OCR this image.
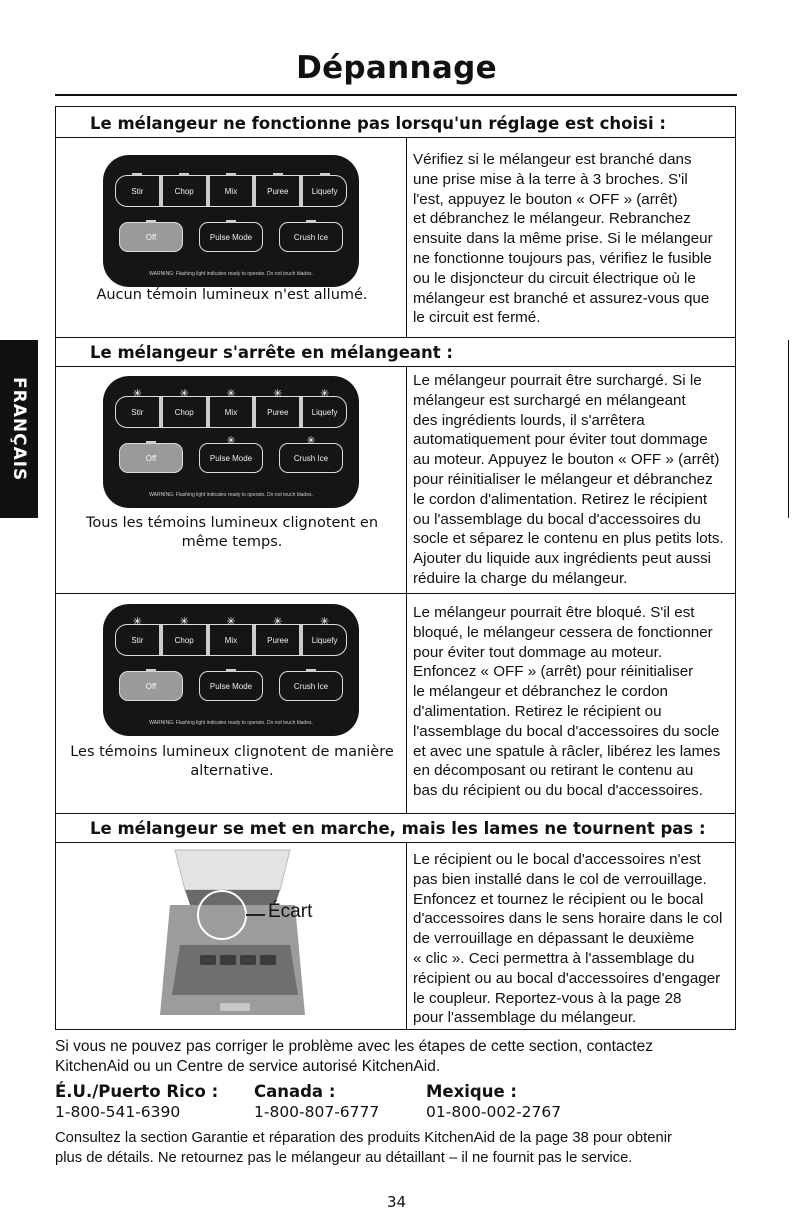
Dépannage
FRANÇAIS
Le mélangeur ne fonctionne pas lorsqu'un réglage est choisi :
Le mélangeur s'arrête en mélangeant :
Le mélangeur se met en marche, mais les lames ne tournent pas :
Stir	Chop	Mix	Puree	Liquefy
Off	Pulse Mode	Crush Ice
WARNING: Flashing light indicates ready to operate. Do not touch blades.
Aucun témoin lumineux n'est allumé.
Vérifiez si le mélangeur est branché dans
une prise mise à la terre à 3 broches. S'il
l'est, appuyez le bouton « OFF » (arrêt)
et débranchez le mélangeur. Rebranchez
ensuite dans la même prise. Si le mélangeur
ne fonctionne toujours pas, vérifiez le fusible
ou le disjoncteur du circuit électrique où le
mélangeur est branché et assurez-vous que
le circuit est fermé.
✳
Stir
✳
Chop
✳
Mix
✳
Puree
✳
Liquefy
Off
✳
Pulse Mode
✳
Crush Ice
WARNING: Flashing light indicates ready to operate. Do not touch blades.
Tous les témoins lumineux clignotent en même temps.
Le mélangeur pourrait être surchargé. Si le
mélangeur est surchargé en mélangeant
des ingrédients lourds, il s'arrêtera
automatiquement pour éviter tout dommage
au moteur. Appuyez le bouton « OFF » (arrêt)
pour réinitialiser le mélangeur et débranchez
le cordon d'alimentation. Retirez le récipient
ou l'assemblage du bocal d'accessoires du
socle et séparez le contenu en plus petits lots.
Ajouter du liquide aux ingrédients peut aussi
réduire la charge du mélangeur.
✳
Stir
✳
Chop
✳
Mix
✳
Puree
✳
Liquefy
Off	Pulse Mode	Crush Ice
WARNING: Flashing light indicates ready to operate. Do not touch blades.
Les témoins lumineux clignotent de manière alternative.
Le mélangeur pourrait être bloqué. S'il est
bloqué, le mélangeur cessera de fonctionner
pour éviter tout dommage au moteur.
Enfoncez « OFF » (arrêt) pour réinitialiser
le mélangeur et débranchez le cordon
d'alimentation. Retirez le récipient ou
l'assemblage du bocal d'accessoires du socle
et avec une spatule à râcler, libérez les lames
en décomposant ou retirant le contenu au
bas du récipient ou du bocal d'accessoires.
Écart
Le récipient ou le bocal d'accessoires n'est
pas bien installé dans le col de verrouillage.
Enfoncez et tournez le récipient ou le bocal
d'accessoires dans le sens horaire dans le col
de verrouillage en dépassant le deuxième
« clic ». Ceci permettra à l'assemblage du
récipient ou au bocal d'accessoires d'engager
le coupleur. Reportez-vous à la page 28
pour l'assemblage du mélangeur.
Si vous ne pouvez pas corriger le problème avec les étapes de cette section, contactez
KitchenAid ou un Centre de service autorisé KitchenAid.
É.U./Puerto Rico :
1-800-541-6390
Canada :
1-800-807-6777
Mexique :
01-800-002-2767
Consultez la section Garantie et réparation des produits KitchenAid de la page 38 pour obtenir
plus de détails. Ne retournez pas le mélangeur au détaillant – il ne fournit pas le service.
34
